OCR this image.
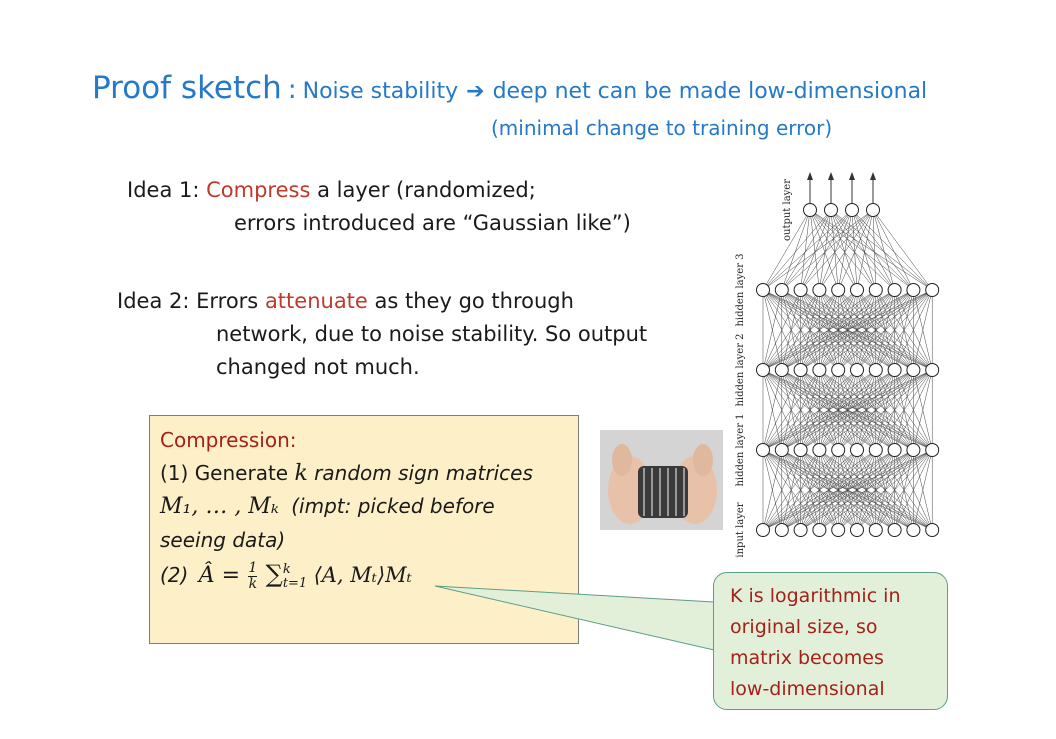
Proof sketch : Noise stability ➔ deep net can be made low-dimensional
(minimal change to training error)
Idea 1: Compress a layer (randomized;
errors introduced are “Gaussian like”)
Idea 2: Errors attenuate as they go through
network, due to noise stability. So output
changed not much.
Compression:
(1) Generate k random sign matrices
M₁, … , Mₖ (impt: picked before
seeing data)
(2) Â = $\frac{1}{k}$ ∑ k
t=1 ⟨A, Mₜ⟩Mₜ
K is logarithmic in
original size, so
matrix becomes
low-dimensional
output layer
hidden layer 3
hidden layer 2
hidden layer 1
input layer
